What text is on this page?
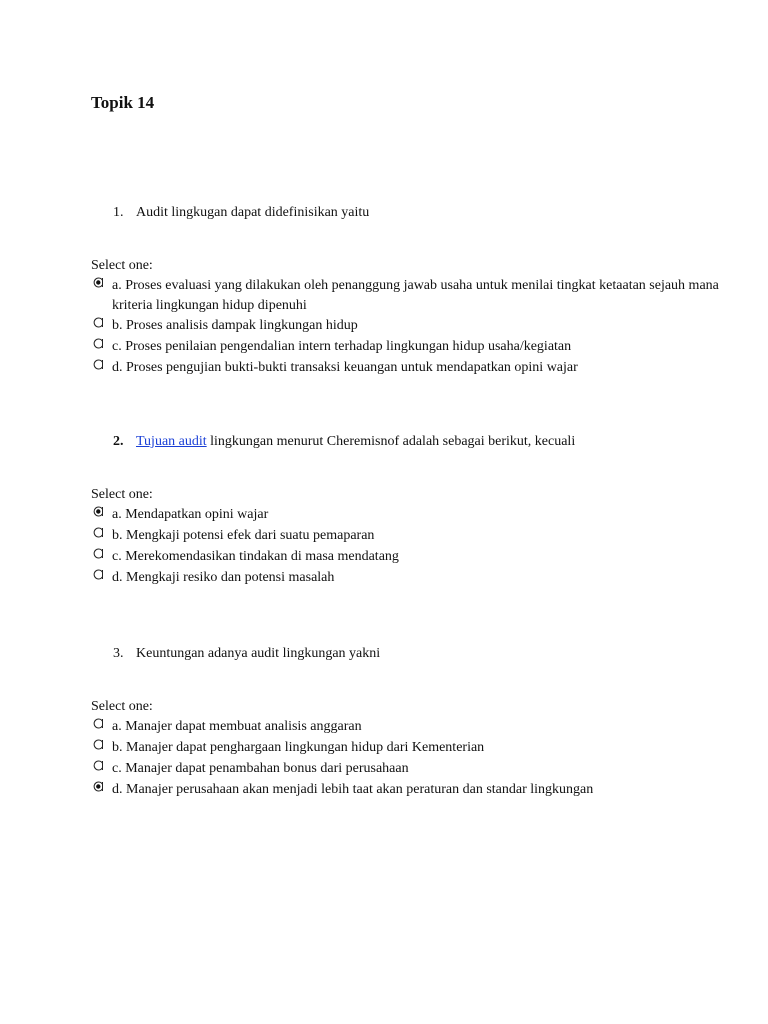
Topik 14
1. Audit lingkugan dapat didefinisikan yaitu
Select one:
a. Proses evaluasi yang dilakukan oleh penanggung jawab usaha untuk menilai tingkat ketaatan sejauh mana kriteria lingkungan hidup dipenuhi
b. Proses analisis dampak lingkungan hidup
c. Proses penilaian pengendalian intern terhadap lingkungan hidup usaha/kegiatan
d. Proses pengujian bukti-bukti transaksi keuangan untuk mendapatkan opini wajar
2. Tujuan audit lingkungan menurut Cheremisnof adalah sebagai berikut, kecuali
Select one:
a. Mendapatkan opini wajar
b. Mengkaji potensi efek dari suatu pemaparan
c. Merekomendasikan tindakan di masa mendatang
d. Mengkaji resiko dan potensi masalah
3. Keuntungan adanya audit lingkungan yakni
Select one:
a. Manajer dapat membuat analisis anggaran
b. Manajer dapat penghargaan lingkungan hidup dari Kementerian
c. Manajer dapat penambahan bonus dari perusahaan
d. Manajer perusahaan akan menjadi lebih taat akan peraturan dan standar lingkungan
